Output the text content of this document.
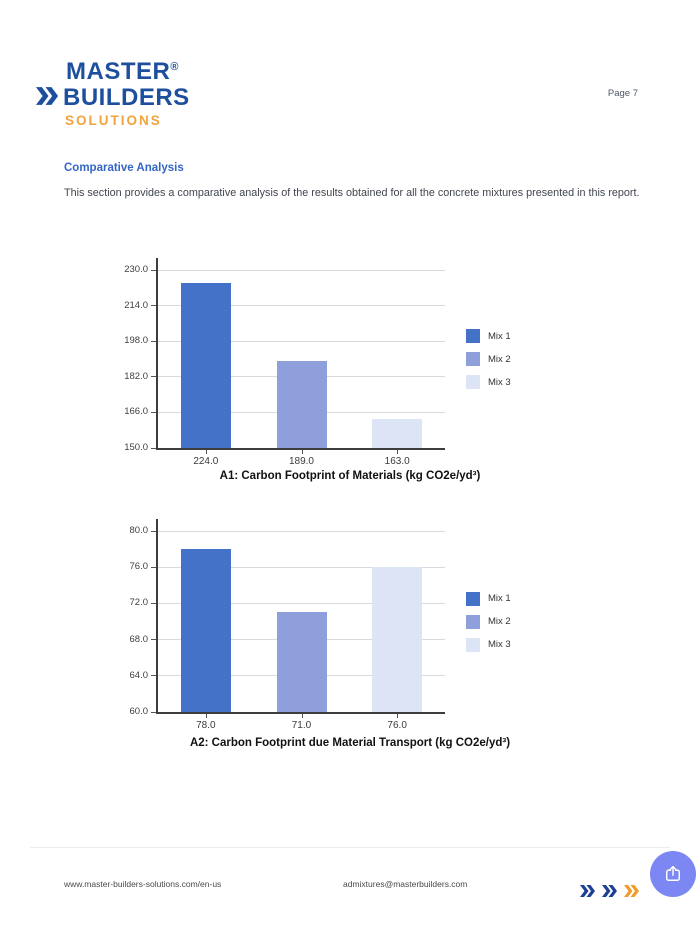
MASTER®
BUILDERS
SOLUTIONS
Page 7
Comparative Analysis
This section provides a comparative analysis of the results obtained for all the concrete mixtures presented in this report.
230.0
214.0
198.0
182.0
166.0
150.0
224.0	189.0	163.0
Mix 1
Mix 2
Mix 3
A1: Carbon Footprint of Materials (kg CO2e/yd³)
80.0
76.0
72.0
68.0
64.0
60.0
78.0	71.0	76.0
Mix 1
Mix 2
Mix 3
A2: Carbon Footprint due Material Transport (kg CO2e/yd³)
www.master-builders-solutions.com/en-us	admixtures@masterbuilders.com
